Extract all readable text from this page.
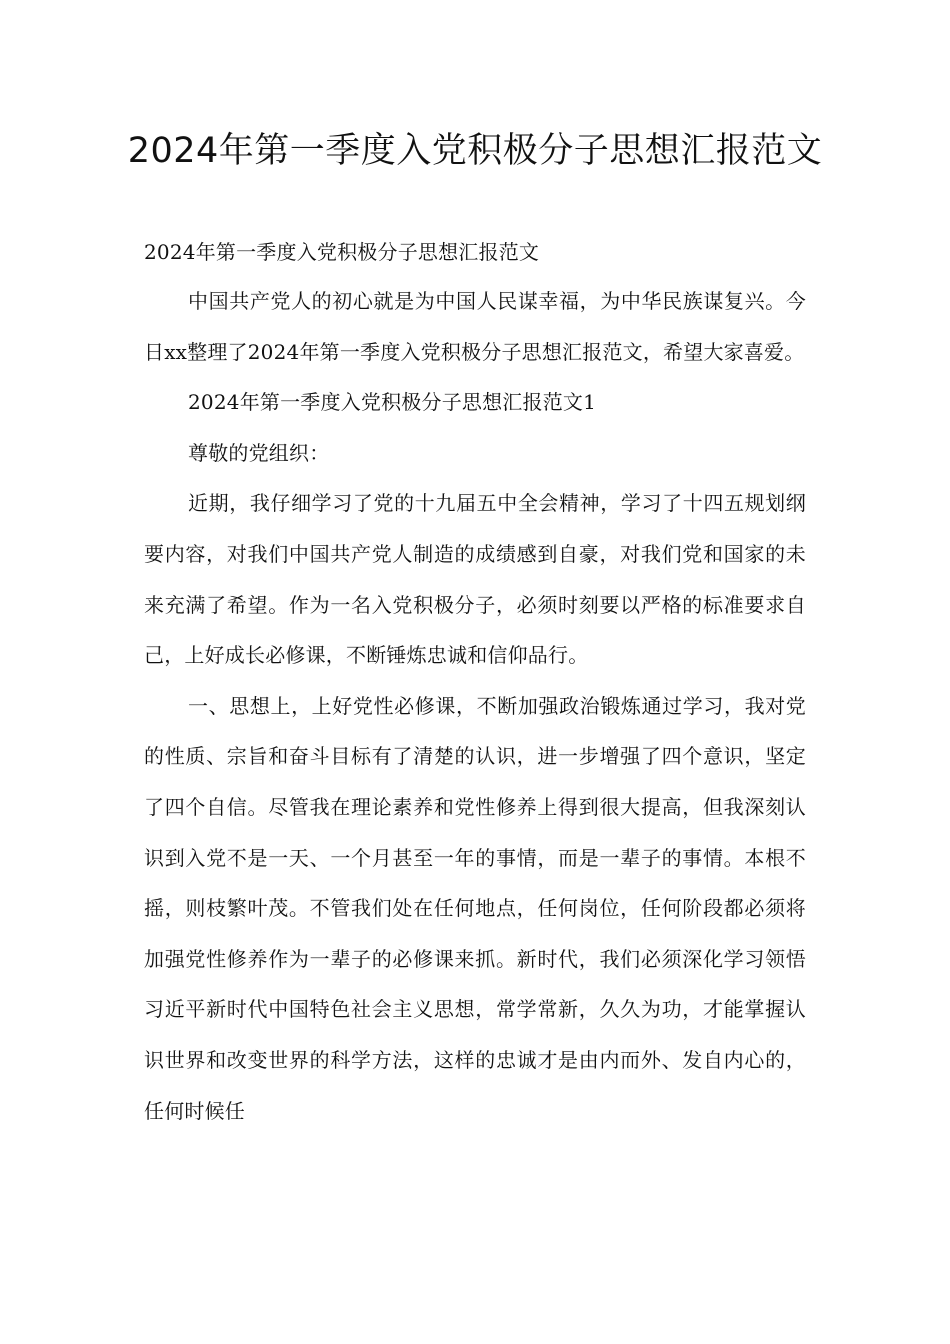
2024年第一季度入党积极分子思想汇报范文

2024年第一季度入党积极分子思想汇报范文

中国共产党人的初心就是为中国人民谋幸福，为中华民族谋复兴。今日xx整理了2024年第一季度入党积极分子思想汇报范文，希望大家喜爱。

2024年第一季度入党积极分子思想汇报范文1

尊敬的党组织：

近期，我仔细学习了党的十九届五中全会精神，学习了十四五规划纲要内容，对我们中国共产党人制造的成绩感到自豪，对我们党和国家的未来充满了希望。作为一名入党积极分子，必须时刻要以严格的标准要求自己，上好成长必修课，不断锤炼忠诚和信仰品行。

一、思想上，上好党性必修课，不断加强政治锻炼通过学习，我对党的性质、宗旨和奋斗目标有了清楚的认识，进一步增强了四个意识，坚定了四个自信。尽管我在理论素养和党性修养上得到很大提高，但我深刻认识到入党不是一天、一个月甚至一年的事情，而是一辈子的事情。本根不摇，则枝繁叶茂。不管我们处在任何地点，任何岗位，任何阶段都必须将加强党性修养作为一辈子的必修课来抓。新时代，我们必须深化学习领悟习近平新时代中国特色社会主义思想，常学常新，久久为功，才能掌握认识世界和改变世界的科学方法，这样的忠诚才是由内而外、发自内心的，任何时候任
